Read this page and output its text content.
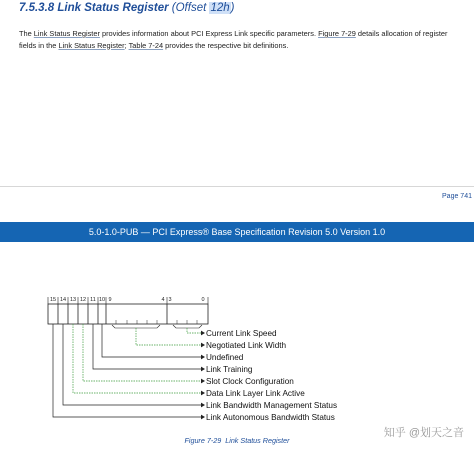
7.5.3.8 Link Status Register (Offset 12h)

The Link Status Register provides information about PCI Express Link specific parameters. Figure 7-29 details allocation of register fields in the Link Status Register; Table 7-24 provides the respective bit definitions.

Page 741
5.0-1.0-PUB — PCI Express® Base Specification Revision 5.0 Version 1.0
15 14 13 12 11 10 9	4 3	0
Current Link Speed
Negotiated Link Width
Undefined
Link Training
Slot Clock Configuration
Data Link Layer Link Active
Link Bandwidth Management Status
Link Autonomous Bandwidth Status
Figure 7-29 Link Status Register
知乎 @划天之音
